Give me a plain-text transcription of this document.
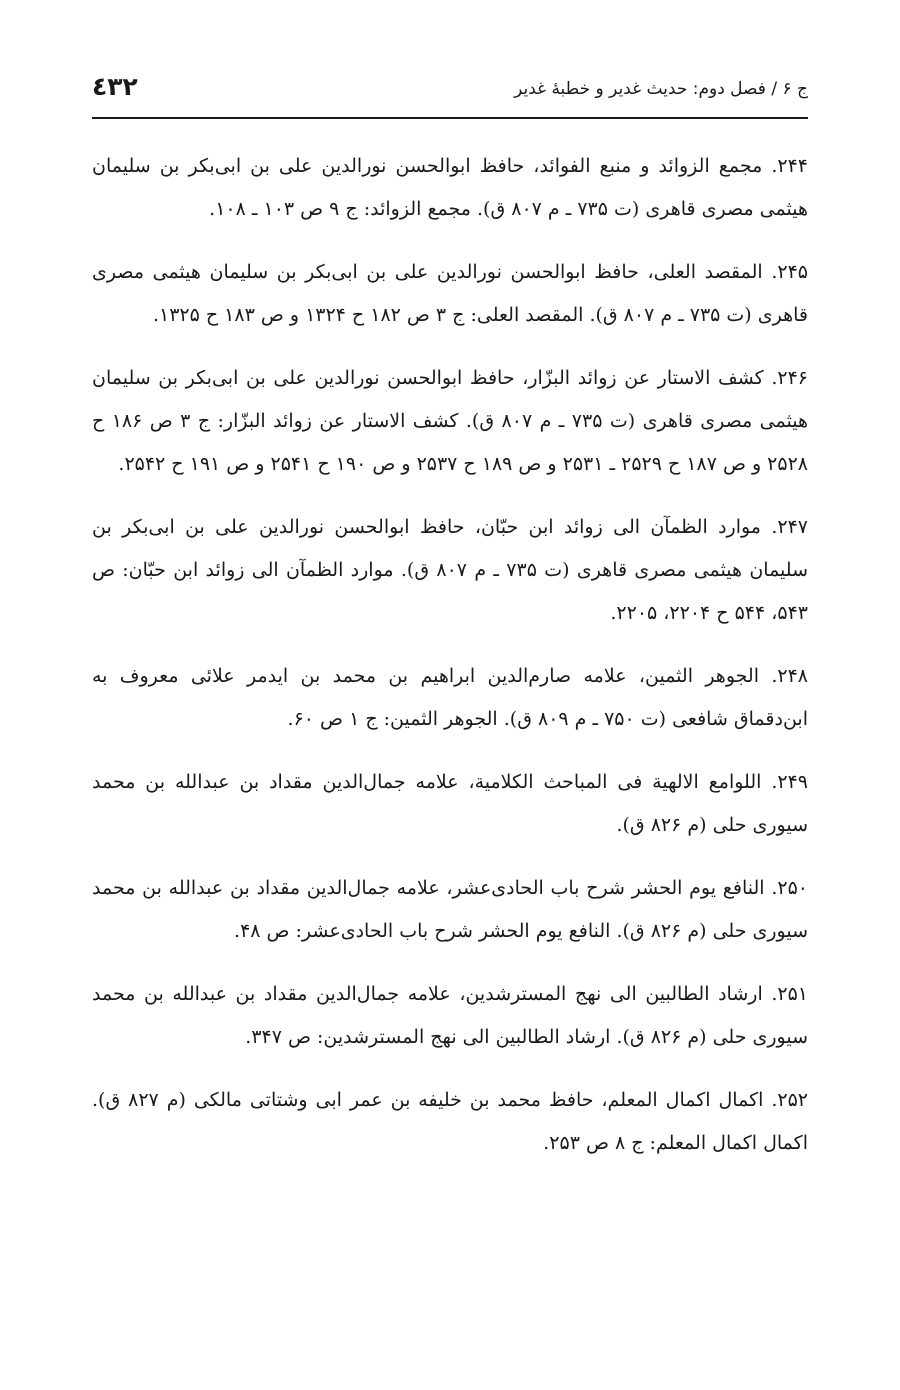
٤٣٢	ج ۶ / فصل دوم: حديث غدير و خطبهٔ غدير

۲۴۴. مجمع الزوائد و منبع الفوائد، حافظ ابوالحسن نورالدين على بن ابى‌بكر بن سليمان هيثمى مصرى قاهرى (ت ۷۳۵ ـ م ۸۰۷ ق). مجمع الزوائد: ج ۹ ص ۱۰۳ ـ ۱۰۸.

۲۴۵. المقصد العلى، حافظ ابوالحسن نورالدين على بن ابى‌بكر بن سليمان هيثمى مصرى قاهرى (ت ۷۳۵ ـ م ۸۰۷ ق). المقصد العلى: ج ۳ ص ۱۸۲ ح ۱۳۲۴ و ص ۱۸۳ ح ۱۳۲۵.

۲۴۶. كشف الاستار عن زوائد البزّار، حافظ ابوالحسن نورالدين على بن ابى‌بكر بن سليمان هيثمى مصرى قاهرى (ت ۷۳۵ ـ م ۸۰۷ ق). كشف الاستار عن زوائد البزّار: ج ۳ ص ۱۸۶ ح ۲۵۲۸ و ص ۱۸۷ ح ۲۵۲۹ ـ ۲۵۳۱ و ص ۱۸۹ ح ۲۵۳۷ و ص ۱۹۰ ح ۲۵۴۱ و ص ۱۹۱ ح ۲۵۴۲.

۲۴۷. موارد الظمآن الى زوائد ابن حبّان، حافظ ابوالحسن نورالدين على بن ابى‌بكر بن سليمان هيثمى مصرى قاهرى (ت ۷۳۵ ـ م ۸۰۷ ق). موارد الظمآن الى زوائد ابن حبّان: ص ۵۴۳، ۵۴۴ ح ۲۲۰۴، ۲۲۰۵.

۲۴۸. الجوهر الثمين، علامه صارم‌الدين ابراهيم بن محمد بن ايدمر علائى معروف به ابن‌دقماق شافعى (ت ۷۵۰ ـ م ۸۰۹ ق). الجوهر الثمين: ج ۱ ص ۶۰.

۲۴۹. اللوامع الالهية فى المباحث الكلامية، علامه جمال‌الدين مقداد بن عبدالله بن محمد سيورى حلى (م ۸۲۶ ق).

۲۵۰. النافع يوم الحشر شرح باب الحادى‌عشر، علامه جمال‌الدين مقداد بن عبدالله بن محمد سيورى حلى (م ۸۲۶ ق). النافع يوم الحشر شرح باب الحادى‌عشر: ص ۴۸.

۲۵۱. ارشاد الطالبين الى نهج المسترشدين، علامه جمال‌الدين مقداد بن عبدالله بن محمد سيورى حلى (م ۸۲۶ ق). ارشاد الطالبين الى نهج المسترشدين: ص ۳۴۷.

۲۵۲. اكمال اكمال المعلم، حافظ محمد بن خليفه بن عمر ابى وشتاتى مالكى (م ۸۲۷ ق). اكمال اكمال المعلم: ج ۸ ص ۲۵۳.
